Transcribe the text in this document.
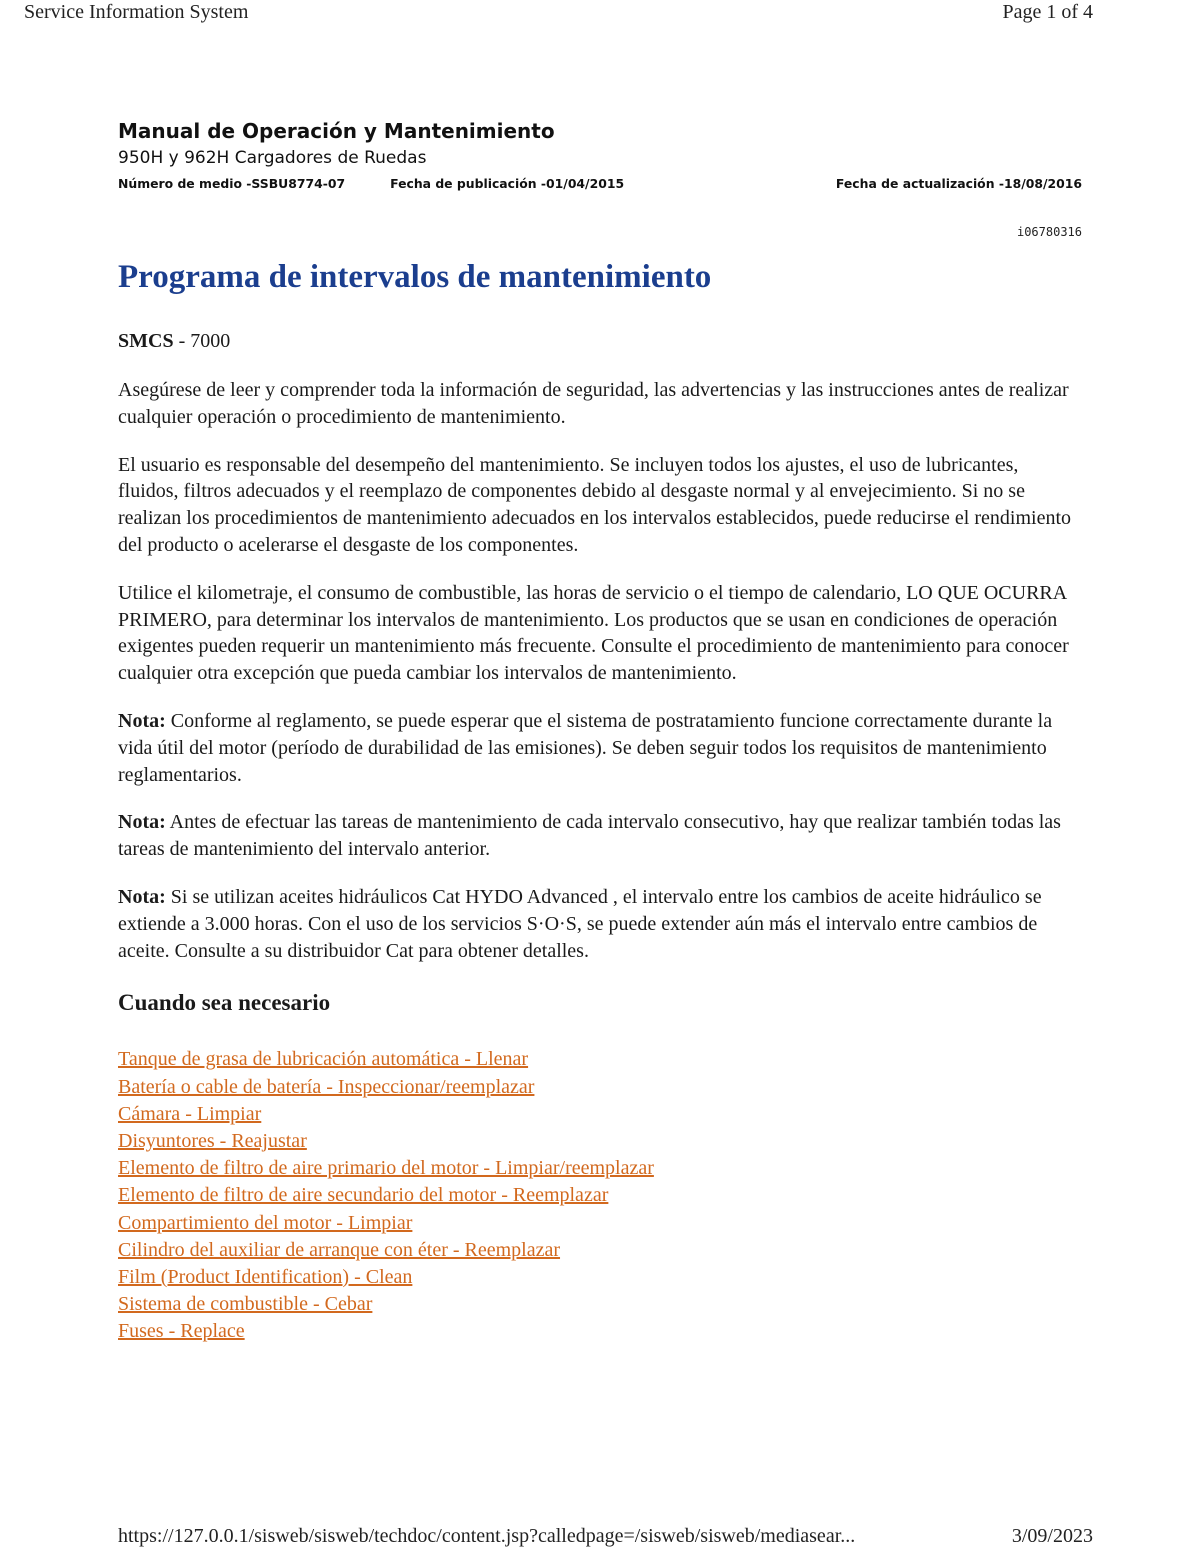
Service Information System	Page 1 of 4
Manual de Operación y Mantenimiento
950H y 962H Cargadores de Ruedas
Número de medio -SSBU8774-07	Fecha de publicación -01/04/2015	Fecha de actualización -18/08/2016
i06780316
Programa de intervalos de mantenimiento
SMCS - 7000

Asegúrese de leer y comprender toda la información de seguridad, las advertencias y las instrucciones antes de realizar cualquier operación o procedimiento de mantenimiento.

El usuario es responsable del desempeño del mantenimiento. Se incluyen todos los ajustes, el uso de lubricantes, fluidos, filtros adecuados y el reemplazo de componentes debido al desgaste normal y al envejecimiento. Si no se realizan los procedimientos de mantenimiento adecuados en los intervalos establecidos, puede reducirse el rendimiento del producto o acelerarse el desgaste de los componentes.

Utilice el kilometraje, el consumo de combustible, las horas de servicio o el tiempo de calendario, LO QUE OCURRA PRIMERO, para determinar los intervalos de mantenimiento. Los productos que se usan en condiciones de operación exigentes pueden requerir un mantenimiento más frecuente. Consulte el procedimiento de mantenimiento para conocer cualquier otra excepción que pueda cambiar los intervalos de mantenimiento.

Nota: Conforme al reglamento, se puede esperar que el sistema de postratamiento funcione correctamente durante la vida útil del motor (período de durabilidad de las emisiones). Se deben seguir todos los requisitos de mantenimiento reglamentarios.

Nota: Antes de efectuar las tareas de mantenimiento de cada intervalo consecutivo, hay que realizar también todas las tareas de mantenimiento del intervalo anterior.

Nota: Si se utilizan aceites hidráulicos Cat HYDO Advanced , el intervalo entre los cambios de aceite hidráulico se extiende a 3.000 horas. Con el uso de los servicios S·O·S, se puede extender aún más el intervalo entre cambios de aceite. Consulte a su distribuidor Cat para obtener detalles.

Cuando sea necesario
Tanque de grasa de lubricación automática - Llenar
Batería o cable de batería - Inspeccionar/reemplazar
Cámara - Limpiar
Disyuntores - Reajustar
Elemento de filtro de aire primario del motor - Limpiar/reemplazar
Elemento de filtro de aire secundario del motor - Reemplazar
Compartimiento del motor - Limpiar
Cilindro del auxiliar de arranque con éter - Reemplazar
Film (Product Identification) - Clean
Sistema de combustible - Cebar
Fuses - Replace
https://127.0.0.1/sisweb/sisweb/techdoc/content.jsp?calledpage=/sisweb/sisweb/mediasear...	3/09/2023
